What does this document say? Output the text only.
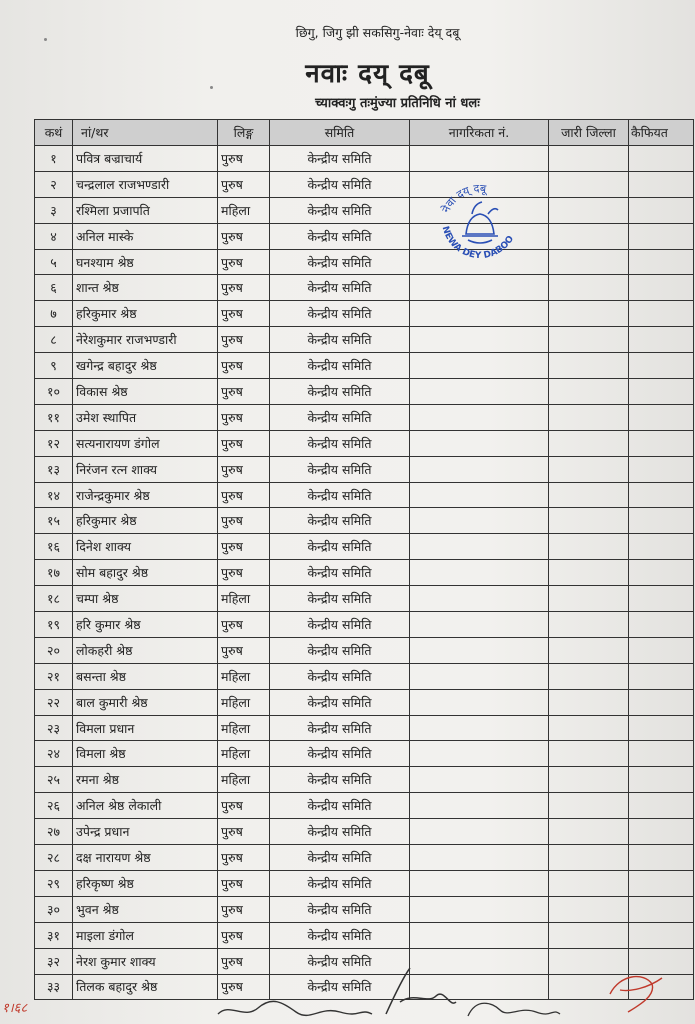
छिगु, जिगु झी सकसिगु-नेवाः देय् दबू
नवाः दय् दबू
च्याक्वःगु तःमुंज्या प्रतिनिधि नां धलः
कथं	नां/थर	लिङ्ग	समिति	नागरिकता नं.	जारी जिल्ला	कैफियत
१	पवित्र बज्राचार्य	पुरुष	केन्द्रीय समिति			
२	चन्द्रलाल राजभण्डारी	पुरुष	केन्द्रीय समिति			
३	रश्मिला प्रजापति	महिला	केन्द्रीय समिति			
४	अनिल मास्के	पुरुष	केन्द्रीय समिति			
५	घनश्याम श्रेष्ठ	पुरुष	केन्द्रीय समिति			
६	शान्त श्रेष्ठ	पुरुष	केन्द्रीय समिति			
७	हरिकुमार श्रेष्ठ	पुरुष	केन्द्रीय समिति			
८	नेरेशकुमार राजभण्डारी	पुरुष	केन्द्रीय समिति			
९	खगेन्द्र बहादुर श्रेष्ठ	पुरुष	केन्द्रीय समिति			
१०	विकास श्रेष्ठ	पुरुष	केन्द्रीय समिति			
११	उमेश स्थापित	पुरुष	केन्द्रीय समिति			
१२	सत्यनारायण डंगोल	पुरुष	केन्द्रीय समिति			
१३	निरंजन रत्न शाक्य	पुरुष	केन्द्रीय समिति			
१४	राजेन्द्रकुमार श्रेष्ठ	पुरुष	केन्द्रीय समिति			
१५	हरिकुमार श्रेष्ठ	पुरुष	केन्द्रीय समिति			
१६	दिनेश शाक्य	पुरुष	केन्द्रीय समिति			
१७	सोम बहादुर श्रेष्ठ	पुरुष	केन्द्रीय समिति			
१८	चम्पा श्रेष्ठ	महिला	केन्द्रीय समिति			
१९	हरि कुमार श्रेष्ठ	पुरुष	केन्द्रीय समिति			
२०	लोकहरी श्रेष्ठ	पुरुष	केन्द्रीय समिति			
२१	बसन्ता श्रेष्ठ	महिला	केन्द्रीय समिति			
२२	बाल कुमारी श्रेष्ठ	महिला	केन्द्रीय समिति			
२३	विमला प्रधान	महिला	केन्द्रीय समिति			
२४	विमला श्रेष्ठ	महिला	केन्द्रीय समिति			
२५	रमना श्रेष्ठ	महिला	केन्द्रीय समिति			
२६	अनिल श्रेष्ठ लेकाली	पुरुष	केन्द्रीय समिति			
२७	उपेन्द्र प्रधान	पुरुष	केन्द्रीय समिति			
२८	दक्ष नारायण श्रेष्ठ	पुरुष	केन्द्रीय समिति			
२९	हरिकृष्ण श्रेष्ठ	पुरुष	केन्द्रीय समिति			
३०	भुवन श्रेष्ठ	पुरुष	केन्द्रीय समिति			
३१	माइला डंगोल	पुरुष	केन्द्रीय समिति			
३२	नेरश कुमार शाक्य	पुरुष	केन्द्रीय समिति			
३३	तिलक बहादुर श्रेष्ठ	पुरुष	केन्द्रीय समिति			
नेवा दय् दबू
NEWA DEY DABOO
१।६८
